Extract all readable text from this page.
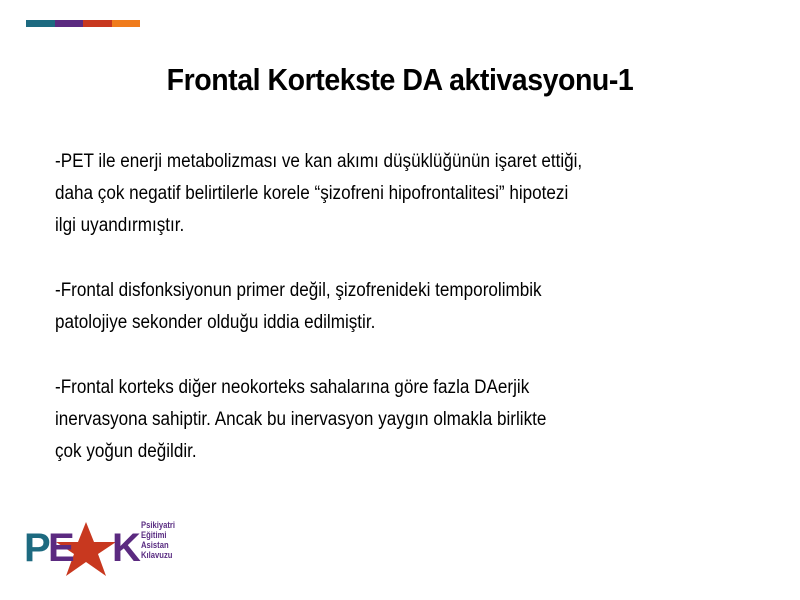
Frontal Kortekste DA aktivasyonu-1

-PET ile enerji metabolizması ve kan akımı düşüklüğünün işaret ettiği,
daha çok negatif belirtilerle korele “şizofreni hipofrontalitesi” hipotezi
ilgi uyandırmıştır.

-Frontal disfonksiyonun primer değil, şizofrenideki temporolimbik
patolojiye sekonder olduğu iddia edilmiştir.

-Frontal korteks diğer neokorteks sahalarına göre fazla DAerjik
inervasyona sahiptir. Ancak bu inervasyon yaygın olmakla birlikte
çok yoğun değildir.

P
E K
Psikiyatri
Eğitimi
Asistan
Kılavuzu
